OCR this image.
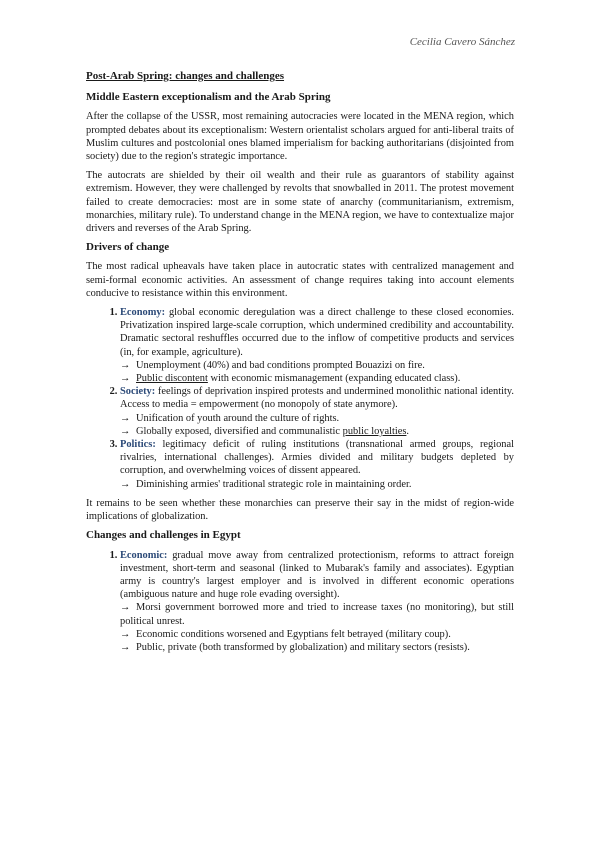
Cecilia Cavero Sánchez
Post-Arab Spring: changes and challenges
Middle Eastern exceptionalism and the Arab Spring

After the collapse of the USSR, most remaining autocracies were located in the MENA region, which prompted debates about its exceptionalism: Western orientalist scholars argued for anti-liberal traits of Muslim cultures and postcolonial ones blamed imperialism for backing authoritarians (disjointed from society) due to the region's strategic importance.

The autocrats are shielded by their oil wealth and their rule as guarantors of stability against extremism. However, they were challenged by revolts that snowballed in 2011. The protest movement failed to create democracies: most are in some state of anarchy (communitarianism, extremism, monarchies, military rule). To understand change in the MENA region, we have to contextualize major drivers and reverses of the Arab Spring.

Drivers of change

The most radical upheavals have taken place in autocratic states with centralized management and semi-formal economic activities. An assessment of change requires taking into account elements conducive to resistance within this environment.

1. Economy: global economic deregulation was a direct challenge to these closed economies. Privatization inspired large-scale corruption, which undermined credibility and accountability. Dramatic sectoral reshuffles occurred due to the inflow of competitive products and services (in, for example, agriculture).
→ Unemployment (40%) and bad conditions prompted Bouazizi on fire.
→ Public discontent with economic mismanagement (expanding educated class).
2. Society: feelings of deprivation inspired protests and undermined monolithic national identity. Access to media = empowerment (no monopoly of state anymore).
→ Unification of youth around the culture of rights.
→ Globally exposed, diversified and communalistic public loyalties.
3. Politics: legitimacy deficit of ruling institutions (transnational armed groups, regional rivalries, international challenges). Armies divided and military budgets depleted by corruption, and overwhelming voices of dissent appeared.
→ Diminishing armies' traditional strategic role in maintaining order.

It remains to be seen whether these monarchies can preserve their say in the midst of region-wide implications of globalization.

Changes and challenges in Egypt
1. Economic: gradual move away from centralized protectionism, reforms to attract foreign investment, short-term and seasonal (linked to Mubarak's family and associates). Egyptian army is country's largest employer and is involved in different economic operations (ambiguous nature and huge role evading oversight).
→ Morsi government borrowed more and tried to increase taxes (no monitoring), but still political unrest.
→ Economic conditions worsened and Egyptians felt betrayed (military coup).
→ Public, private (both transformed by globalization) and military sectors (resists).
